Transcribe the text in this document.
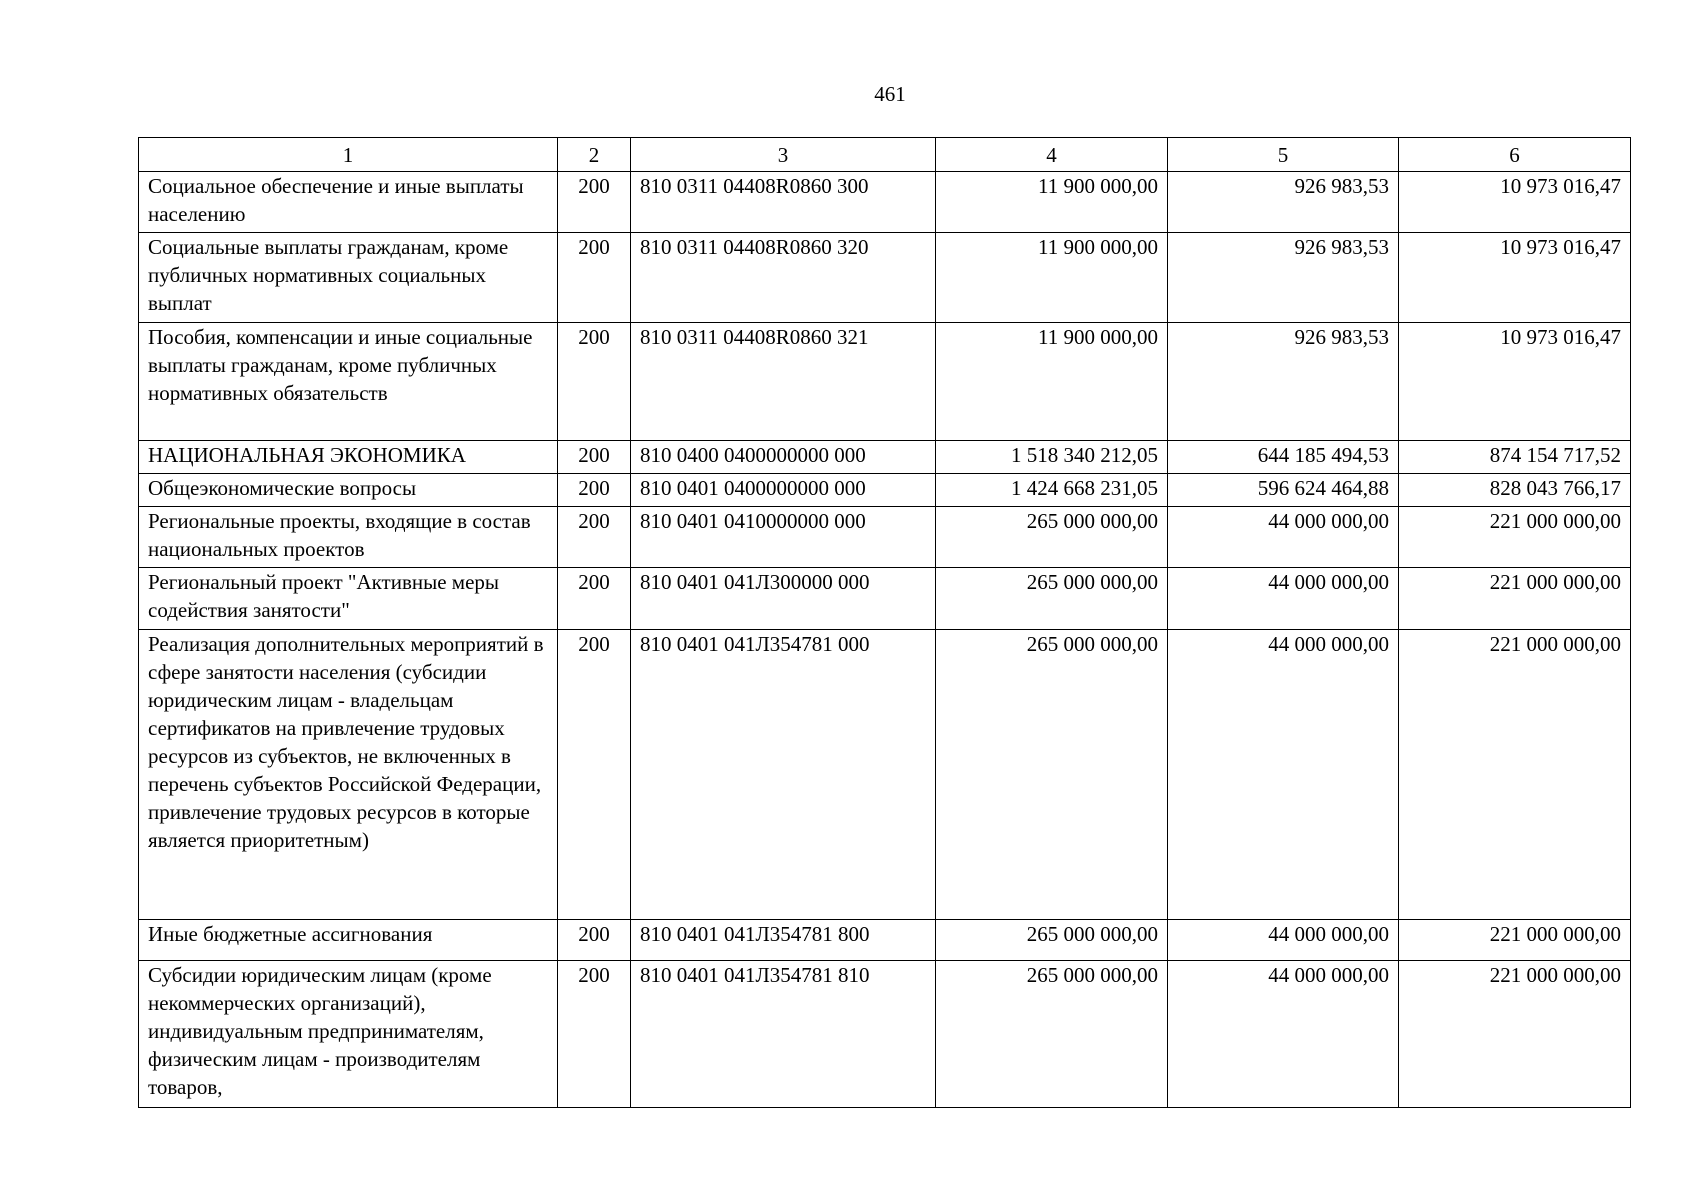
461
1	2	3	4	5	6
Социальное обеспечение и иные выплаты населению	200	810 0311 04408R0860 300	11 900 000,00	926 983,53	10 973 016,47
Социальные выплаты гражданам, кроме публичных нормативных социальных выплат	200	810 0311 04408R0860 320	11 900 000,00	926 983,53	10 973 016,47
Пособия, компенсации и иные социальные выплаты гражданам, кроме публичных нормативных обязательств	200	810 0311 04408R0860 321	11 900 000,00	926 983,53	10 973 016,47
НАЦИОНАЛЬНАЯ ЭКОНОМИКА	200	810 0400 0400000000 000	1 518 340 212,05	644 185 494,53	874 154 717,52
Общеэкономические вопросы	200	810 0401 0400000000 000	1 424 668 231,05	596 624 464,88	828 043 766,17
Региональные проекты, входящие в состав национальных проектов	200	810 0401 0410000000 000	265 000 000,00	44 000 000,00	221 000 000,00
Региональный проект "Активные меры содействия занятости"	200	810 0401 041Л300000 000	265 000 000,00	44 000 000,00	221 000 000,00
Реализация дополнительных мероприятий в сфере занятости населения (субсидии юридическим лицам - владельцам сертификатов на привлечение трудовых ресурсов из субъектов, не включенных в перечень субъектов Российской Федерации, привлечение трудовых ресурсов в которые является приоритетным)	200	810 0401 041Л354781 000	265 000 000,00	44 000 000,00	221 000 000,00
Иные бюджетные ассигнования	200	810 0401 041Л354781 800	265 000 000,00	44 000 000,00	221 000 000,00
Субсидии юридическим лицам (кроме некоммерческих организаций), индивидуальным предпринимателям, физическим лицам - производителям товаров,	200	810 0401 041Л354781 810	265 000 000,00	44 000 000,00	221 000 000,00
